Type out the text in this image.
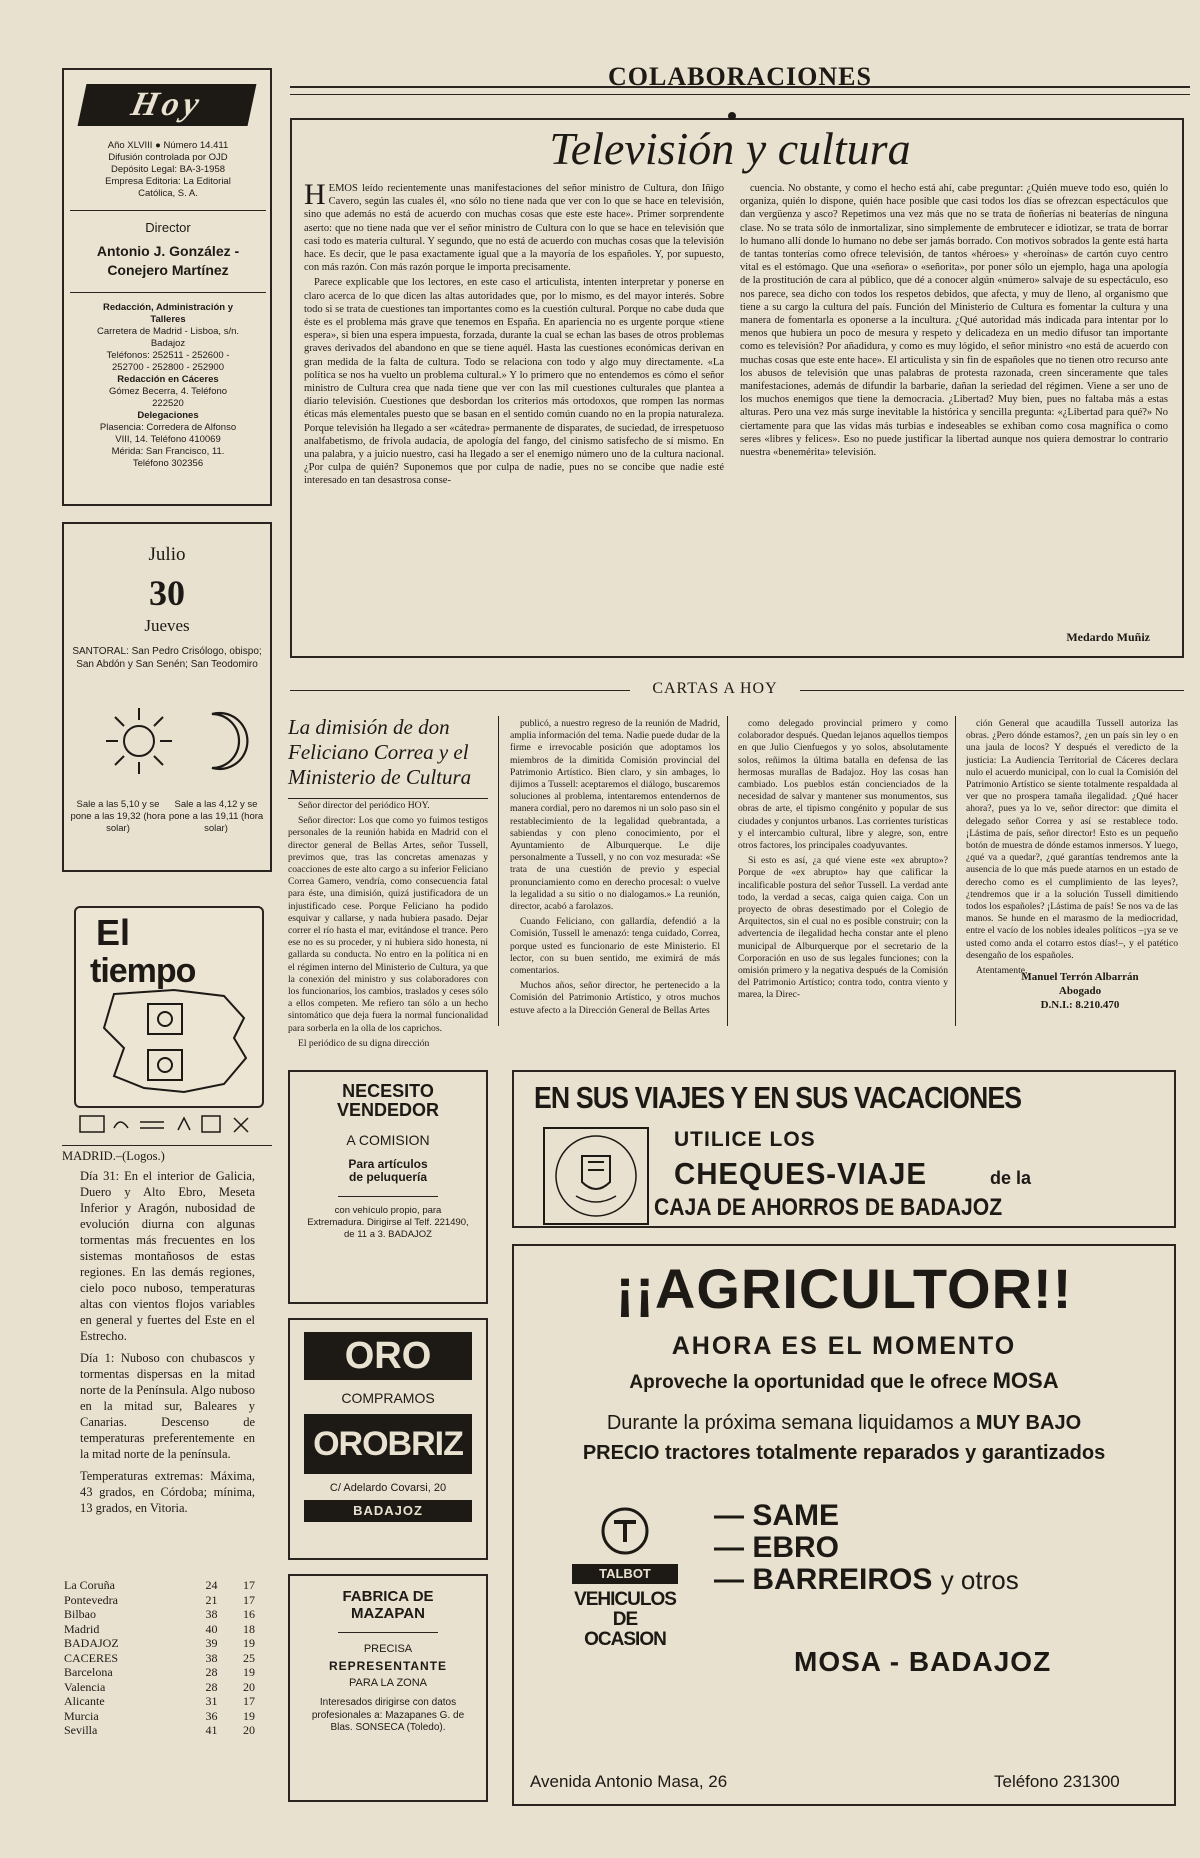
COLABORACIONES
Hoy
Año XLVIII ● Número 14.411
Difusión controlada por OJD
Depósito Legal: BA-3-1958
Empresa Editoria: La Editorial
Católica, S. A.
Director
Antonio J. González -
Conejero Martínez
Redacción, Administración y
Talleres
Carretera de Madrid - Lisboa, s/n.
Badajoz
Teléfonos: 252511 - 252600 -
252700 - 252800 - 252900
Redacción en Cáceres
Gómez Becerra, 4. Teléfono
222520
Delegaciones
Plasencia: Corredera de Alfonso
VIII, 14. Teléfono 410069
Mérida: San Francisco, 11.
Teléfono 302356
Julio
30
Jueves
SANTORAL: San Pedro Crisólogo, obispo; San Abdón y San Senén; San Teodomiro
Sale a las 5,10 y se pone a las 19,32 (hora solar)
Sale a las 4,12 y se pone a las 19,11 (hora solar)
El
tiempo
MADRID.–(Logos.)

Día 31: En el interior de Galicia, Duero y Alto Ebro, Meseta Inferior y Aragón, nubosidad de evolución diurna con algunas tormentas más frecuentes en los sistemas montañosos de estas regiones. En las demás regiones, cielo poco nuboso, temperaturas altas con vientos flojos variables en general y fuertes del Este en el Estrecho.

Día 1: Nuboso con chubascos y tormentas dispersas en la mitad norte de la Península. Algo nuboso en la mitad sur, Baleares y Canarias. Descenso de temperaturas preferentemente en la mitad norte de la península.

Temperaturas extremas: Máxima, 43 grados, en Córdoba; mínima, 13 grados, en Vitoria.

La Coruña	24	17
Pontevedra	21	17
Bilbao	38	16
Madrid	40	18
BADAJOZ	39	19
CACERES	38	25
Barcelona	28	19
Valencia	28	20
Alicante	31	17
Murcia	36	19
Sevilla	41	20
Televisión y cultura

HEMOS leído recientemente unas manifestaciones del señor ministro de Cultura, don Iñigo Cavero, según las cuales él, «no sólo no tiene nada que ver con lo que se hace en televisión, sino que además no está de acuerdo con muchas cosas que este este hace». Primer sorprendente aserto: que no tiene nada que ver el señor ministro de Cultura con lo que se hace en televisión que casi todo es materia cultural. Y segundo, que no está de acuerdo con muchas cosas que la televisión hace. Es decir, que le pasa exactamente igual que a la mayoría de los españoles. Y, por supuesto, con más razón. Con más razón porque le importa precisamente.

Parece explicable que los lectores, en este caso el articulista, intenten interpretar y ponerse en claro acerca de lo que dicen las altas autoridades que, por lo mismo, es del mayor interés. Sobre todo si se trata de cuestiones tan importantes como es la cuestión cultural. Porque no cabe duda que éste es el problema más grave que tenemos en España. En apariencia no es urgente porque «tiene espera», si bien una espera impuesta, forzada, durante la cual se echan las bases de otros problemas graves derivados del abandono en que se tiene aquél. Hasta las cuestiones económicas derivan en gran medida de la falta de cultura. Todo se relaciona con todo y algo muy directamente. «La política se nos ha vuelto un problema cultural.» Y lo primero que no entendemos es cómo el señor ministro de Cultura crea que nada tiene que ver con las mil cuestiones culturales que plantea a diario televisión. Cuestiones que desbordan los criterios más ortodoxos, que rompen las normas éticas más elementales puesto que se basan en el sentido común cuando no en la propia naturaleza. Porque televisión ha llegado a ser «cátedra» permanente de disparates, de suciedad, de irrespetuoso analfabetismo, de frívola audacia, de apología del fango, del cinismo satisfecho de sí mismo. En una palabra, y a juicio nuestro, casi ha llegado a ser el enemigo número uno de la cultura nacional. ¿Por culpa de quién? Suponemos que por culpa de nadie, pues no se concibe que nadie esté interesado en tan desastrosa conse-

cuencia. No obstante, y como el hecho está ahí, cabe preguntar: ¿Quién mueve todo eso, quién lo organiza, quién lo dispone, quién hace posible que casi todos los días se ofrezcan espectáculos que dan vergüenza y asco? Repetimos una vez más que no se trata de ñoñerías ni beaterías de ninguna clase. No se trata sólo de inmortalizar, sino simplemente de embrutecer e idiotizar, se trata de borrar lo humano allí donde lo humano no debe ser jamás borrado. Con motivos sobrados la gente está harta de tantas tonterías como ofrece televisión, de tantos «héroes» y «heroínas» de cartón cuyo centro vital es el estómago. Que una «señora» o «señorita», por poner sólo un ejemplo, haga una apología de la prostitución de cara al público, que dé a conocer algún «número» salvaje de su espectáculo, eso nos parece, sea dicho con todos los respetos debidos, que afecta, y muy de lleno, al organismo que tiene a su cargo la cultura del país. Función del Ministerio de Cultura es fomentar la cultura y una manera de fomentarla es oponerse a la incultura. ¿Qué autoridad más indicada para intentar por lo menos que hubiera un poco de mesura y respeto y delicadeza en un medio difusor tan importante como es televisión? Por añadidura, y como es muy lógido, el señor ministro «no está de acuerdo con muchas cosas que este ente hace». El articulista y sin fin de españoles que no tienen otro recurso ante los abusos de televisión que unas palabras de protesta razonada, creen sinceramente que tales manifestaciones, además de difundir la barbarie, dañan la seriedad del régimen. Viene a ser uno de los muchos enemigos que tiene la democracia. ¿Libertad? Muy bien, pues no faltaba más a estas alturas. Pero una vez más surge inevitable la histórica y sencilla pregunta: «¿Libertad para qué?» No ciertamente para que las vidas más turbias e indeseables se exhiban como cosa magnífica o como seres «libres y felices». Eso no puede justificar la libertad aunque nos quiera demostrar lo contrario nuestra «benemérita» televisión.

Medardo Muñiz
CARTAS A HOY
La dimisión de don Feliciano Correa y el Ministerio de Cultura

Señor director del periódico HOY.

Señor director: Los que como yo fuimos testigos personales de la reunión habida en Madrid con el director general de Bellas Artes, señor Tussell, previmos que, tras las concretas amenazas y coacciones de este alto cargo a su inferior Feliciano Correa Gamero, vendría, como consecuencia fatal para éste, una dimisión, quizá justificadora de un injustificado cese. Porque Feliciano ha podido esquivar y callarse, y nada hubiera pasado. Dejar correr el río hasta el mar, evitándose el trance. Pero ese no es su proceder, y ni hubiera sido honesta, ni gallarda su conducta. No entro en la política ni en el régimen interno del Ministerio de Cultura, ya que la conexión del ministro y sus colaboradores con los funcionarios, los cambios, traslados y ceses sólo a ellos competen. Me refiero tan sólo a un hecho sintomático que deja fuera la normal funcionalidad para sorberla en la olla de los caprichos.

El periódico de su digna dirección

publicó, a nuestro regreso de la reunión de Madrid, amplia información del tema. Nadie puede dudar de la firme e irrevocable posición que adoptamos los miembros de la dimitida Comisión provincial del Patrimonio Artístico. Bien claro, y sin ambages, lo dijimos a Tussell: aceptaremos el diálogo, buscaremos soluciones al problema, intentaremos entendernos de manera cordial, pero no daremos ni un solo paso sin el restablecimiento de la legalidad quebrantada, a sabiendas y con pleno conocimiento, por el Ayuntamiento de Alburquerque. Le dije personalmente a Tussell, y no con voz mesurada: «Se trata de una cuestión de previo y especial pronunciamiento como en derecho procesal: o vuelve la legalidad a su sitio o no dialogamos.» La reunión, director, acabó a farolazos.

Cuando Feliciano, con gallardía, defendió a la Comisión, Tussell le amenazó: tenga cuidado, Correa, porque usted es funcionario de este Ministerio. El lector, con su buen sentido, me eximirá de más comentarios.

Muchos años, señor director, he pertenecido a la Comisión del Patrimonio Artístico, y otros muchos estuve afecto a la Dirección General de Bellas Artes

como delegado provincial primero y como colaborador después. Quedan lejanos aquellos tiempos en que Julio Cienfuegos y yo solos, absolutamente solos, reñimos la última batalla en defensa de las hermosas murallas de Badajoz. Hoy las cosas han cambiado. Los pueblos están concienciados de la necesidad de salvar y mantener sus monumentos, sus obras de arte, el tipismo congénito y popular de sus ciudades y conjuntos urbanos. Las corrientes turísticas y el intercambio cultural, libre y alegre, son, entre otros factores, los principales coadyuvantes.

Si esto es así, ¿a qué viene este «ex abrupto»? Porque de «ex abrupto» hay que calificar la incalificable postura del señor Tussell. La verdad ante todo, la verdad a secas, caiga quien caiga. Con un proyecto de obras desestimado por el Colegio de Arquitectos, sin el cual no es posible construir; con la advertencia de ilegalidad hecha constar ante el pleno municipal de Alburquerque por el secretario de la Corporación en uso de sus legales funciones; con la omisión primero y la negativa después de la Comisión del Patrimonio Artístico; contra todo, contra viento y marea, la Direc-

ción General que acaudilla Tussell autoriza las obras. ¿Pero dónde estamos?, ¿en un país sin ley o en una jaula de locos? Y después el veredicto de la justicia: La Audiencia Territorial de Cáceres declara nulo el acuerdo municipal, con lo cual la Comisión del Patrimonio Artístico se siente totalmente respaldada al ver que no prospera tamaña ilegalidad. ¿Qué hacer ahora?, pues ya lo ve, señor director: que dimita el delegado señor Correa y así se restablece todo. ¡Lástima de país, señor director! Esto es un pequeño botón de muestra de dónde estamos inmersos. Y luego, ¿qué va a quedar?, ¿qué garantías tendremos ante la ausencia de lo que más puede atarnos en un estado de derecho como es el cumplimiento de las leyes?, ¿tendremos que ir a la solución Tussell dimitiendo todos los españoles? ¡Lástima de país! Se nos va de las manos. Se hunde en el marasmo de la mediocridad, entre el vacío de los nobles ideales políticos –¡ya se ve usted como anda el cotarro estos días!–, y el patético desengaño de los españoles.

Atentamente,

Manuel Terrón Albarrán
Abogado
D.N.I.: 8.210.470
NECESITO
VENDEDOR
A COMISION
Para artículos
de peluquería
con vehículo propio, para Extremadura. Dirigirse al Telf. 221490, de 11 a 3. BADAJOZ
ORO
COMPRAMOS
OROBRIZ
C/ Adelardo Covarsi, 20
BADAJOZ
FABRICA DE
MAZAPAN
PRECISA
REPRESENTANTE
PARA LA ZONA
Interesados dirigirse con datos profesionales a: Mazapanes G. de Blas. SONSECA (Toledo).
EN SUS VIAJES Y EN SUS VACACIONES
UTILICE LOS
CHEQUES-VIAJE	de la
CAJA DE AHORROS DE BADAJOZ
¡¡AGRICULTOR!!
AHORA ES EL MOMENTO
Aproveche la oportunidad que le ofrece MOSA
Durante la próxima semana liquidamos a MUY BAJO
PRECIO tractores totalmente reparados y garantizados
TALBOT
VEHICULOS
DE OCASION
— SAME
— EBRO
— BARREIROS y otros
MOSA - BADAJOZ
Avenida Antonio Masa, 26	Teléfono 231300
